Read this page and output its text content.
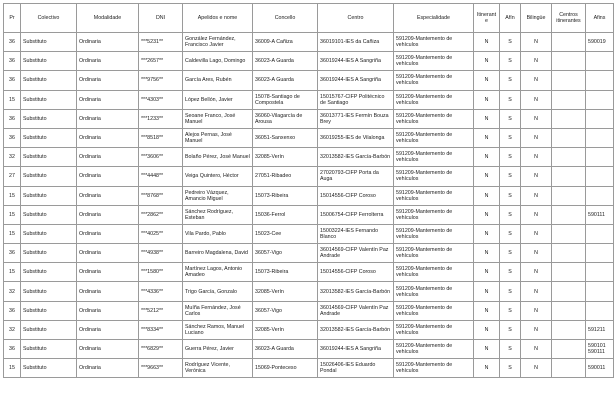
Pr	Colectivo	Modalidade	DNI	Apelidos e nome	Concello	Centro	Especialidade	Itinerante	Afín	Bilingüe	Centros itinerantes	Afins
36	Substituto	Ordinaria	***5231**	González Fernández, Francisco Javier	36009-A Cañiza	36019101-IES da Cañiza	591209-Mantemento de vehículos	N	S	N		590019
36	Substituto	Ordinaria	***2657**	Caldevilla Lago, Domingo	36023-A Guarda	36019244-IES A Sangriña	591209-Mantemento de vehículos	N	S	N		
36	Substituto	Ordinaria	***9756**	García Ares, Rubén	36023-A Guarda	36019244-IES A Sangriña	591209-Mantemento de vehículos	N	S	N		
15	Substituto	Ordinaria	***4303**	López Bellón, Javier	15078-Santiago de Compostela	15015767-CIFP Politécnico de Santiago	591209-Mantemento de vehículos	N	S	N		
36	Substituto	Ordinaria	***1233**	Seoane Franco, José Manuel	36060-Vilagarcía de Arousa	36013771-IES Fermín Bouza Brey	591209-Mantemento de vehículos	N	S	N		
36	Substituto	Ordinaria	***8518**	Alejos Pernas, José Manuel	36051-Sanxenxo	36019255-IES de Vilalonga	591209-Mantemento de vehículos	N	S	N		
32	Substituto	Ordinaria	***3606**	Bolaño Pérez, José Manuel	32085-Verín	32013582-IES García-Barbón	591209-Mantemento de vehículos	N	S	N		
27	Substituto	Ordinaria	***4448**	Veiga Quintero, Héctor	27051-Ribadeo	27020793-CIFP Porta da Auga	591209-Mantemento de vehículos	N	S	N		
15	Substituto	Ordinaria	***8768**	Pedreiro Vázquez, Amancio Miguel	15073-Ribeira	15014556-CIFP Coroso	591209-Mantemento de vehículos	N	S	N		
15	Substituto	Ordinaria	***2862**	Sánchez Rodríguez, Esteban	15036-Ferrol	15006754-CIFP Ferrolterra	591209-Mantemento de vehículos	N	S	N		590111
15	Substituto	Ordinaria	***4025**	Vila Pardo, Pablo	15023-Cee	15003224-IES Fernando Blanco	591209-Mantemento de vehículos	N	S	N		
36	Substituto	Ordinaria	***4938**	Barreiro Magdalena, David	36057-Vigo	36014569-CIFP Valentín Paz Andrade	591209-Mantemento de vehículos	N	S	N		
15	Substituto	Ordinaria	***1580**	Martínez Lagos, Antonio Amadeo	15073-Ribeira	15014556-CIFP Coroso	591209-Mantemento de vehículos	N	S	N		
32	Substituto	Ordinaria	***4336**	Trigo García, Gonzalo	32085-Verín	32013582-IES García-Barbón	591209-Mantemento de vehículos	N	S	N		
36	Substituto	Ordinaria	***5212**	Muíña Fernández, José Carlos	36057-Vigo	36014569-CIFP Valentín Paz Andrade	591209-Mantemento de vehículos	N	S	N		
32	Substituto	Ordinaria	***8334**	Sánchez Ramos, Manuel Luciano	32085-Verín	32013582-IES García-Barbón	591209-Mantemento de vehículos	N	S	N		591211
36	Substituto	Ordinaria	***6829**	Guerra Pérez, Javier	36023-A Guarda	36019244-IES A Sangriña	591209-Mantemento de vehículos	N	S	N		590101 590111
15	Substituto	Ordinaria	***9663**	Rodríguez Vicente, Verónica	15069-Ponteceso	15026406-IES Eduardo Pondal	591209-Mantemento de vehículos	N	S	N		590011
